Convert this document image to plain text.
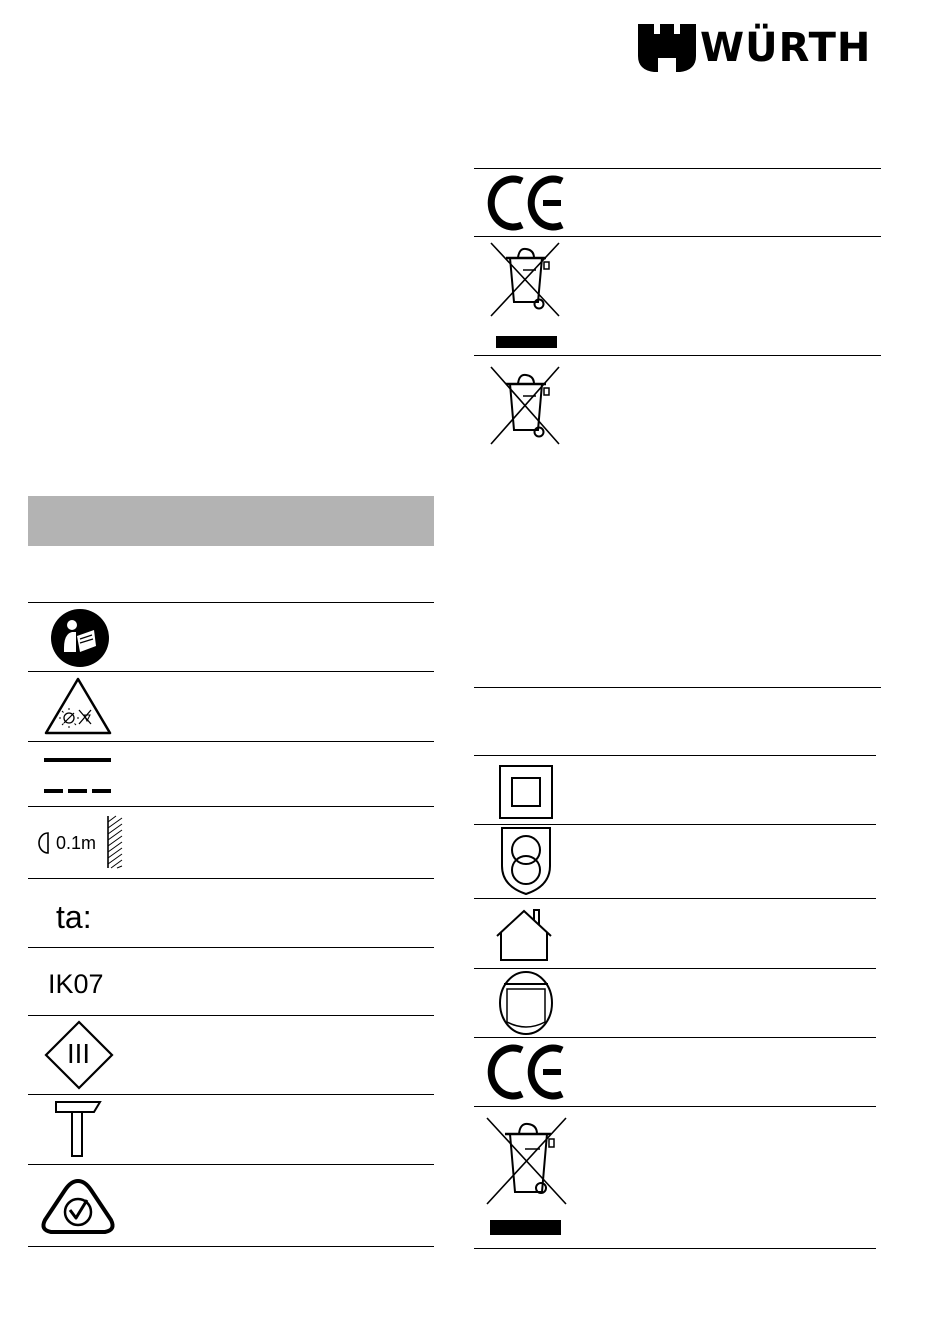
WÜRTH
0.1m
ta:
IK07
III
